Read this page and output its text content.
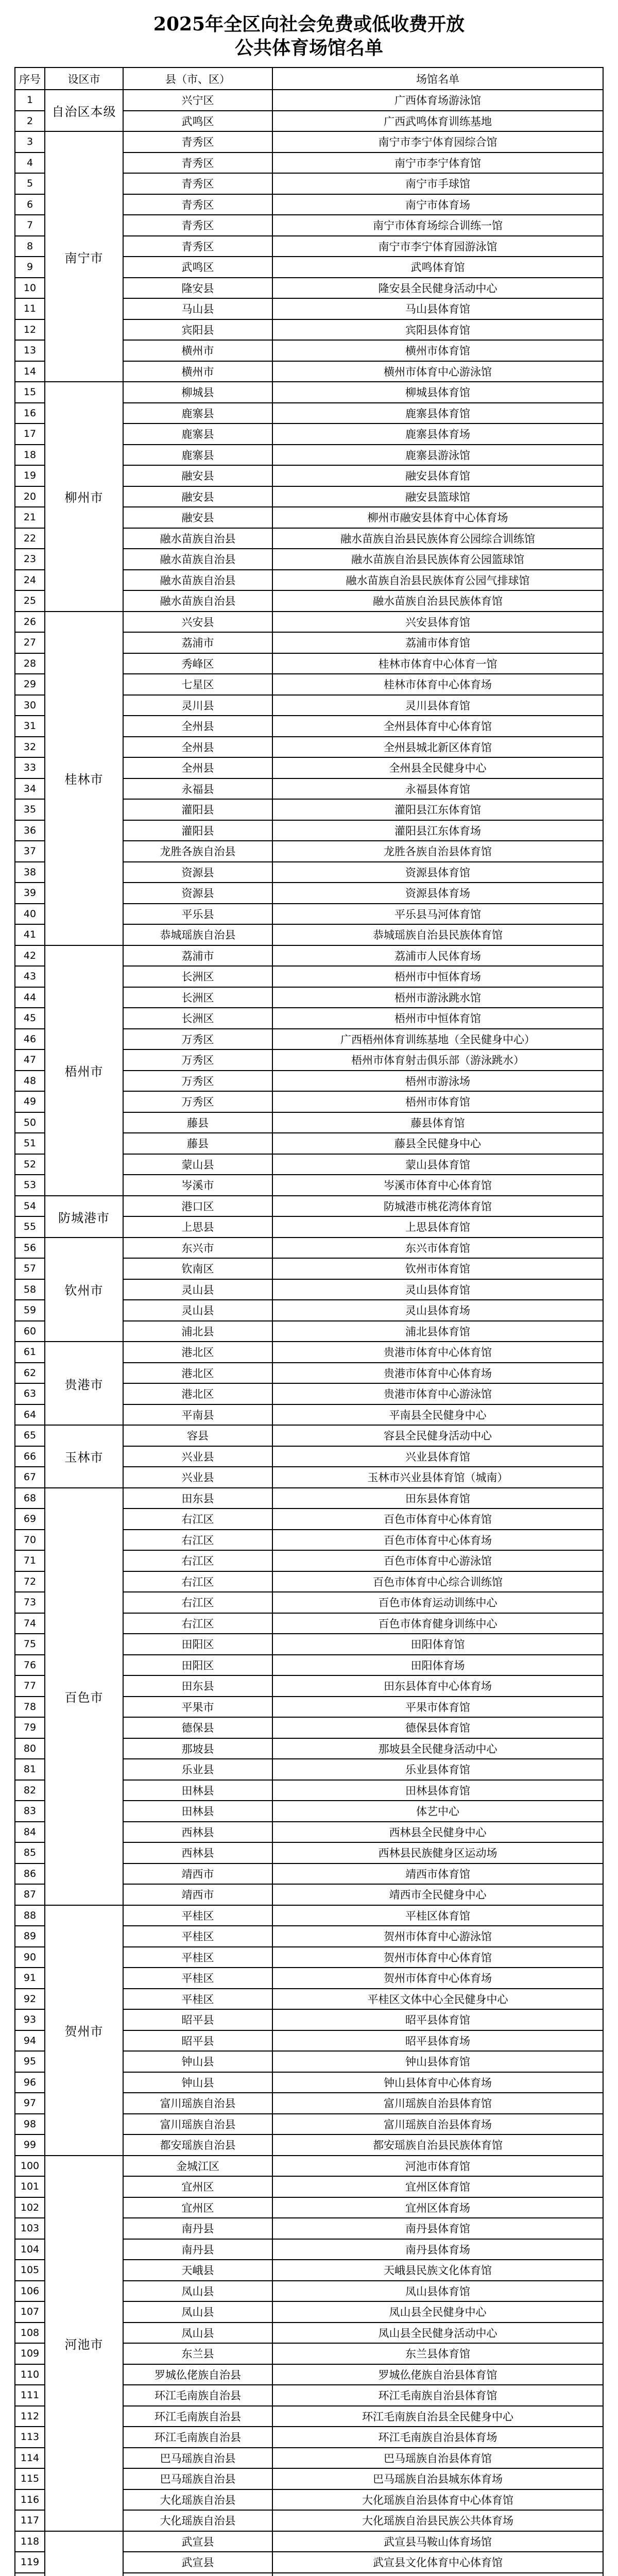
2025年全区向社会免费或低收费开放
公共体育场馆名单
序号	设区市	县（市、区）	场馆名单
1	自治区本级	兴宁区	广西体育场游泳馆
2		武鸣区	广西武鸣体育训练基地
3	南宁市	青秀区	南宁市李宁体育园综合馆
4		青秀区	南宁市李宁体育馆
5		青秀区	南宁市手球馆
6		青秀区	南宁市体育场
7		青秀区	南宁市体育场综合训练一馆
8		青秀区	南宁市李宁体育园游泳馆
9		武鸣区	武鸣体育馆
10		隆安县	隆安县全民健身活动中心
11		马山县	马山县体育馆
12		宾阳县	宾阳县体育馆
13		横州市	横州市体育馆
14		横州市	横州市体育中心游泳馆
15	柳州市	柳城县	柳城县体育馆
16		鹿寨县	鹿寨县体育馆
17		鹿寨县	鹿寨县体育场
18		鹿寨县	鹿寨县游泳馆
19		融安县	融安县体育馆
20		融安县	融安县篮球馆
21		融安县	柳州市融安县体育中心体育场
22		融水苗族自治县	融水苗族自治县民族体育公园综合训练馆
23		融水苗族自治县	融水苗族自治县民族体育公园篮球馆
24		融水苗族自治县	融水苗族自治县民族体育公园气排球馆
25		融水苗族自治县	融水苗族自治县民族体育馆
26	桂林市	兴安县	兴安县体育馆
27		荔浦市	荔浦市体育馆
28		秀峰区	桂林市体育中心体育一馆
29		七星区	桂林市体育中心体育场
30		灵川县	灵川县体育馆
31		全州县	全州县体育中心体育馆
32		全州县	全州县城北新区体育馆
33		全州县	全州县全民健身中心
34		永福县	永福县体育馆
35		灌阳县	灌阳县江东体育馆
36		灌阳县	灌阳县江东体育场
37		龙胜各族自治县	龙胜各族自治县体育馆
38		资源县	资源县体育馆
39		资源县	资源县体育场
40		平乐县	平乐县马河体育馆
41		恭城瑶族自治县	恭城瑶族自治县民族体育馆
42	梧州市	荔浦市	荔浦市人民体育场
43		长洲区	梧州市中恒体育场
44		长洲区	梧州市游泳跳水馆
45		长洲区	梧州市中恒体育馆
46		万秀区	广西梧州体育训练基地（全民健身中心）
47		万秀区	梧州市体育射击俱乐部（游泳跳水）
48		万秀区	梧州市游泳场
49		万秀区	梧州市体育馆
50		藤县	藤县体育馆
51		藤县	藤县全民健身中心
52		蒙山县	蒙山县体育馆
53		岑溪市	岑溪市体育中心体育馆
54	防城港市	港口区	防城港市桃花湾体育馆
55		上思县	上思县体育馆
56	钦州市	东兴市	东兴市体育馆
57		钦南区	钦州市体育馆
58		灵山县	灵山县体育馆
59		灵山县	灵山县体育场
60		浦北县	浦北县体育馆
61	贵港市	港北区	贵港市体育中心体育馆
62		港北区	贵港市体育中心体育场
63		港北区	贵港市体育中心游泳馆
64		平南县	平南县全民健身中心
65	玉林市	容县	容县全民健身活动中心
66		兴业县	兴业县体育馆
67		兴业县	玉林市兴业县体育馆（城南）
68	百色市	田东县	田东县体育馆
69		右江区	百色市体育中心体育馆
70		右江区	百色市体育中心体育场
71		右江区	百色市体育中心游泳馆
72		右江区	百色市体育中心综合训练馆
73		右江区	百色市体育运动训练中心
74		右江区	百色市体育健身训练中心
75		田阳区	田阳体育馆
76		田阳区	田阳体育场
77		田东县	田东县体育中心体育场
78		平果市	平果市体育馆
79		德保县	德保县体育馆
80		那坡县	那坡县全民健身活动中心
81		乐业县	乐业县体育馆
82		田林县	田林县体育馆
83		田林县	体艺中心
84		西林县	西林县全民健身中心
85		西林县	西林县民族健身区运动场
86		靖西市	靖西市体育馆
87		靖西市	靖西市全民健身中心
88	贺州市	平桂区	平桂区体育馆
89		平桂区	贺州市体育中心游泳馆
90		平桂区	贺州市体育中心体育馆
91		平桂区	贺州市体育中心体育场
92		平桂区	平桂区文体中心全民健身中心
93		昭平县	昭平县体育馆
94		昭平县	昭平县体育场
95		钟山县	钟山县体育馆
96		钟山县	钟山县体育中心体育场
97		富川瑶族自治县	富川瑶族自治县体育馆
98		富川瑶族自治县	富川瑶族自治县体育场
99		都安瑶族自治县	都安瑶族自治县民族体育馆
100	河池市	金城江区	河池市体育馆
101		宜州区	宜州区体育馆
102		宜州区	宜州区体育场
103		南丹县	南丹县体育馆
104		南丹县	南丹县体育场
105		天峨县	天峨县民族文化体育馆
106		凤山县	凤山县体育馆
107		凤山县	凤山县全民健身中心
108		凤山县	凤山县全民健身活动中心
109		东兰县	东兰县体育馆
110		罗城仫佬族自治县	罗城仫佬族自治县体育馆
111		环江毛南族自治县	环江毛南族自治县体育馆
112		环江毛南族自治县	环江毛南族自治县全民健身中心
113		环江毛南族自治县	环江毛南族自治县体育场
114		巴马瑶族自治县	巴马瑶族自治县体育馆
115		巴马瑶族自治县	巴马瑶族自治县城东体育场
116		大化瑶族自治县	大化瑶族自治县体育中心体育馆
117		大化瑶族自治县	大化瑶族自治县民族公共体育场
118		武宣县	武宣县马鞍山体育场馆
119		武宣县	武宣县文化体育中心体育馆
